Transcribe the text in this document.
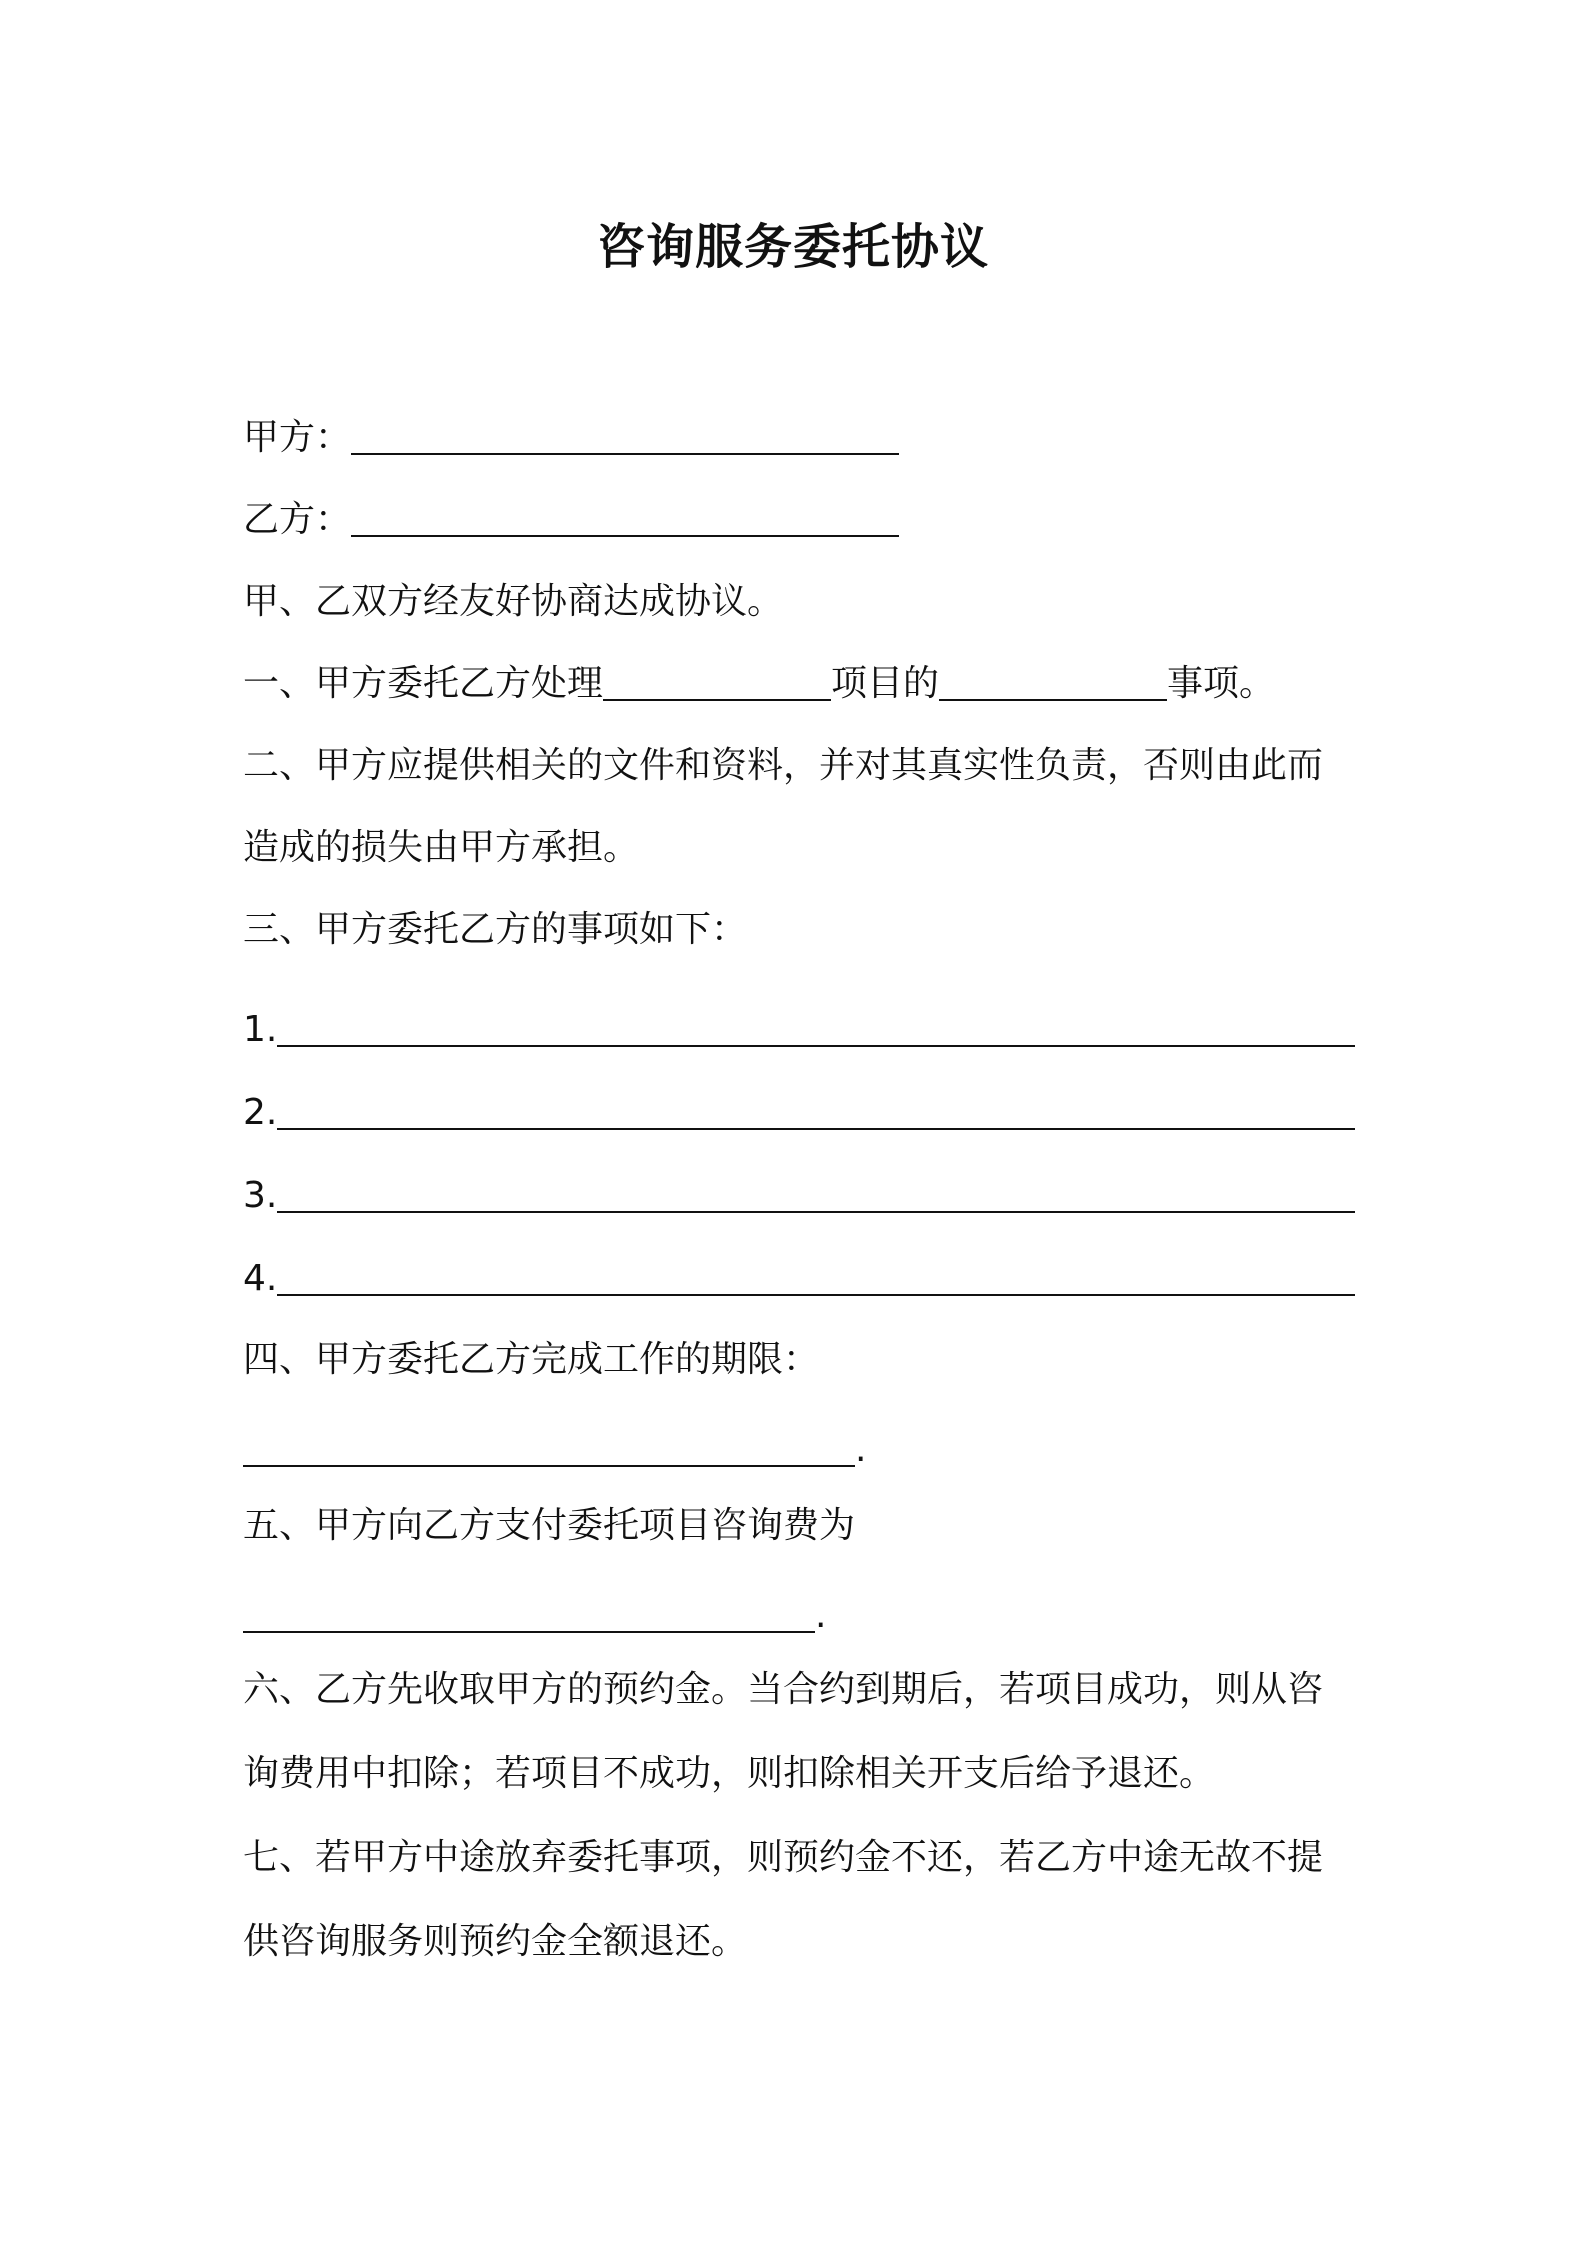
咨询服务委托协议

甲方：

乙方：

甲、乙双方经友好协商达成协议。

一、甲方委托乙方处理	项目的	事项。

二、甲方应提供相关的文件和资料，并对其真实性负责，否则由此而

造成的损失由甲方承担。

三、甲方委托乙方的事项如下：

1.

2.

3.

4.

四、甲方委托乙方完成工作的期限：

.

五、甲方向乙方支付委托项目咨询费为

.

六、乙方先收取甲方的预约金。当合约到期后，若项目成功，则从咨

询费用中扣除；若项目不成功，则扣除相关开支后给予退还。

七、若甲方中途放弃委托事项，则预约金不还，若乙方中途无故不提

供咨询服务则预约金全额退还。
